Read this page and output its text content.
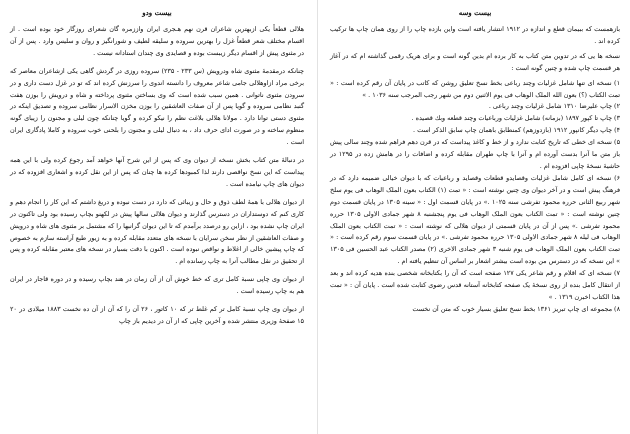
بیست ودو

هلالی قطعاً یکی ازبهترین شاعران قرن نهم هـجری ایران واززمره گان شعرای روزگار خود بوده است . از اقسام مختلف شعر قطعاً غزل را بهترین سروده و سلیقه لطیف و شورانگیز و روان و سلیس وارد . پس از آن در مثنوی پیش از اقسام دیگر زیبست بوده و قصایدی وی چندان استادانه نیست .

چنانکه درمقدمهٔ مثنوی شاه ودرویش (س ۲۳۳ - ۲۳۵) سروده روزی در گردش گاهی یکی ازشاعران معاصر که برخی مراد ازاوهلالی جامی شاعر معروف را دانسته اندوی را سرزنش کرده اند که تو در غزل دست داری و در سرودن مثنوی ناتوانی . همین سبب شده است که وی بساختن مثنوی پرداخته و شاه و درویش را بوزن هفت گنبد نظامی سروده و گویا پس از آن صفات العاشقین را بوزن مخزن الاسرار نظامی سروده و تصدیق اینکه در مثنوی دستی توانا دارد . مولانا هلالی بلاغت نظم را نیکو کرده و گویا چنانکه چون لیلی و مجنون را زیبای گونه منظوم ساخته و در صورت ادای حرف داد ، به دنبال لیلی و مجنون را بلحنی خوب سروده و کاملا پادگاری ایران است .

در دنبالهٔ متن کتاب بخش نسخه از دیوان وی که پس از این شرح آنها خواهد آمد رجوع کرده ولی با این همه پیداست که این نسخ نواقصی دارند لذا کمبودها کرده ها چنان که پس از این نقل کرده و اشعاری افزوده که در دیوان های چاپ نیامده است .

از دیوان هلالی با همهٔ لطف ذوق و حال و زیبائی که دارد در دست نبوده و دریغ داشتم که این کار را انجام دهم و کاری کنم که دوستداران در دسترس گذارند و دیوان هلالی سالها پیش در لکهنو بچاپ رسیده بود ولی تاکنون در ایران چاپ نشده بود ، ازاین رو درصدد برآمدم که تا این دیوان گرانبها را که مشتمل بر مثنوی های شاه و درویش و صفات العاشقین از نظر سخن سرایان با نسخه های متعدد مقابله کرده و به زیور طبع آراسته سازم به خصوص که چاپ پیشین خالی از اغلاط و نواقص نبوده است . اکنون با دقت بسیار در نسخه های معتبر مقابله کرده و پس از تحقیق در نقل مطالب آنرا به چاپ رسانده ام .

از دیوان وی چاپی نسبة کامل تری که خط خوش آن از آن زمان در هند بچاپ رسیده و در دوره قاجار در ایران هم به چاپ رسیده است .

از دیوان وی چاپ نسبة کامل تر کم غلط تر که ۱۰ کاتور ، ۲۶ آن را که آن از آن ده نخست ۱۸۸۳ میلادی در ۲۰ ۱۵ صفحهٔ وزیری منتشر شده و آخرین چاپی که از آن در دیدیم باز چاپ

بیست وسه

بازهمست که ببیمان قطع و اندازه در ۱۹۱۲ انتشار یافته است واین بازده چاپ را از روی همان چاپ ها ترکیب کرده اند .

نسخه ها یی که در تدوین متن کتاب به کار برده ام بدین گونه است و برای هریک رقمی گذاشته ام که در آغاز هر قسمت چاپ شده و چنین گونه است :

۱) نسخه ای تنها شامل غزلیات وچند رباعی بخط نسخ تعلیق روشن که کاتب در پایان آن رقم کرده است : « تمت الکتاب (؟) بعون الله الملک الوهاب فی یوم الاثنین دوم من شهر رجب المرجب سنه ۱۰۳۶ . »

۲) چاپ علیرضا ۱۳۱۰ شامل غزلیات وچند رباعی .

۳) چاپ تا کپور ۱۸۹۷ (بزمانه) شامل غزلیات ورباعیات وچند قطعه وبك قصیده .

۴) چاپ دیگر کانپور ۱۹۱۲ (بازدوزهم) کمنطابق باهمان چاپ سابق الذکر است .

۵) نسخه ای خطی که تاریخ کتابت ندارد و از خط و کاغذ پیداست که در قرن دهم فراهم شده وچند سالی پیش باز متن ما آنرا بدست آورده ام و آنرا با چاپ طهران مقابله کرده و اضافات را در هامش زده در ۱۲۹۵ در حاشیهٔ نسخهٔ چاپی افزوده ام .

۶) نسخه ای کامل شامل غزلیات وقصایدو قطعات وقصاید و رباعیات که با دیوان خیالی ضمیمه دارد که در فرهنگ پیش است و در آخر دیوان وی چنین نوشته است : « تمت (۱) الکتاب بعون الملک الوهاب فی یوم سلخ شهر ربیع الثانی حرره محمود تفرشی سنه ۱۰۲۵ .» در پایان قسمت اول : « سینه ۱۳۰۵ در پایان قسمت دوم چنین نوشته است : « تمت الکتاب بعون الملک الوهاب فی یوم پنجشنبه ۸ شهر جمادی الاولی ۱۳۰۵ حرره محمود تفرشی .» پس از آن در پایان قسمتی از دیوان هلالی که نوشته است : « تمت الکتاب بعون الملک الوهاب فی لیله ۸ شهر جمادی الاولی ۱۳۰۵ حرره محمود تفرشی .» در پایان قسمت سوم رقم کرده است : « تمت الکتاب بعون الملک الوهاب فی یوم شنبه ۳ شهر جمادی الاخری (۲) مصدر الکتاب عبد الحسین فی ۱۳۰۵ » این نسخه که در دسترس من بوده است بیشتر اشعار بر اساس آن تنظیم یافته ام .

۷) نسخه ای که اقلام و رقم شاعر یکی ۱۲۷ صفحه است که آن را بکتابخانه شخصی بنده هدیه کرده اند و بعد از انتقال کامل بنده از روی نسخهٔ یک صفحه کتابخانه آستانه قدس رضوی کتابت شده است . پایان آن : « تمت هذا الکتاب اخبرن ۱۳۱۹ . »

۸) مجموعه ای چاپ تبریز ۱۳۶۱ بخط نسخ تعلیق بسیار خوب که متن آن نخست
